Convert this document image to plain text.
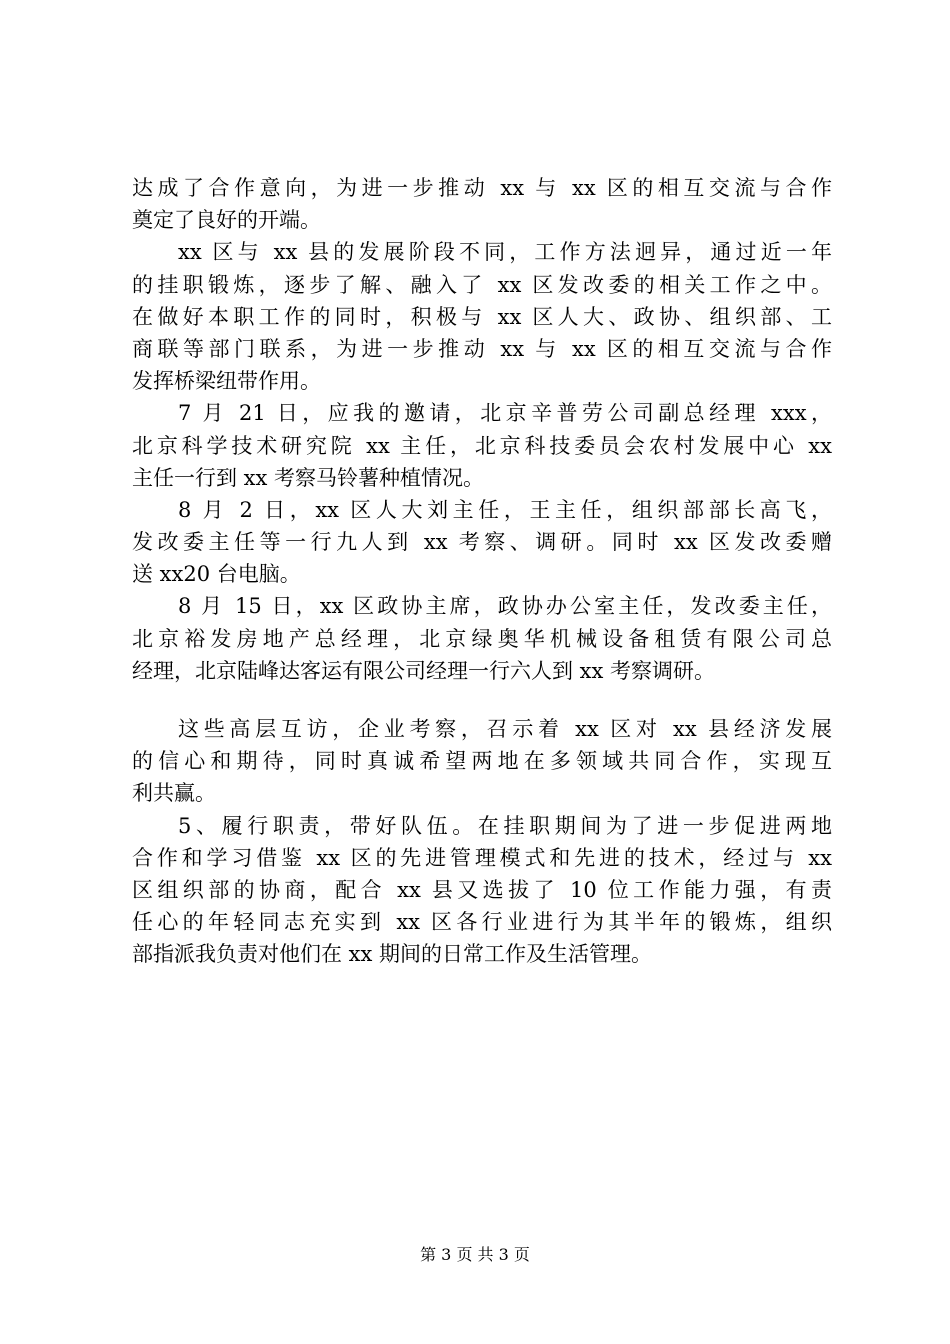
达成了合作意向，为进一步推动 xx 与 xx 区的相互交流与合作
奠定了良好的开端。
xx 区与 xx 县的发展阶段不同，工作方法迥异，通过近一年
的挂职锻炼，逐步了解、融入了 xx 区发改委的相关工作之中。
在做好本职工作的同时，积极与 xx 区人大、政协、组织部、工
商联等部门联系，为进一步推动 xx 与 xx 区的相互交流与合作
发挥桥梁纽带作用。
7 月 21 日，应我的邀请，北京辛普劳公司副总经理 xxx，
北京科学技术研究院 xx 主任，北京科技委员会农村发展中心 xx
主任一行到 xx 考察马铃薯种植情况。
8 月 2 日，xx 区人大刘主任，王主任，组织部部长高飞，
发改委主任等一行九人到 xx 考察、调研。同时 xx 区发改委赠
送 xx20 台电脑。
8 月 15 日，xx 区政协主席，政协办公室主任，发改委主任，
北京裕发房地产总经理，北京绿奥华机械设备租赁有限公司总
经理，北京陆峰达客运有限公司经理一行六人到 xx 考察调研。
这些高层互访，企业考察，召示着 xx 区对 xx 县经济发展
的信心和期待，同时真诚希望两地在多领域共同合作，实现互
利共赢。
5、履行职责，带好队伍。在挂职期间为了进一步促进两地
合作和学习借鉴 xx 区的先进管理模式和先进的技术，经过与 xx
区组织部的协商，配合 xx 县又选拔了 10 位工作能力强，有责
任心的年轻同志充实到 xx 区各行业进行为其半年的锻炼，组织
部指派我负责对他们在 xx 期间的日常工作及生活管理。
第 3 页 共 3 页
